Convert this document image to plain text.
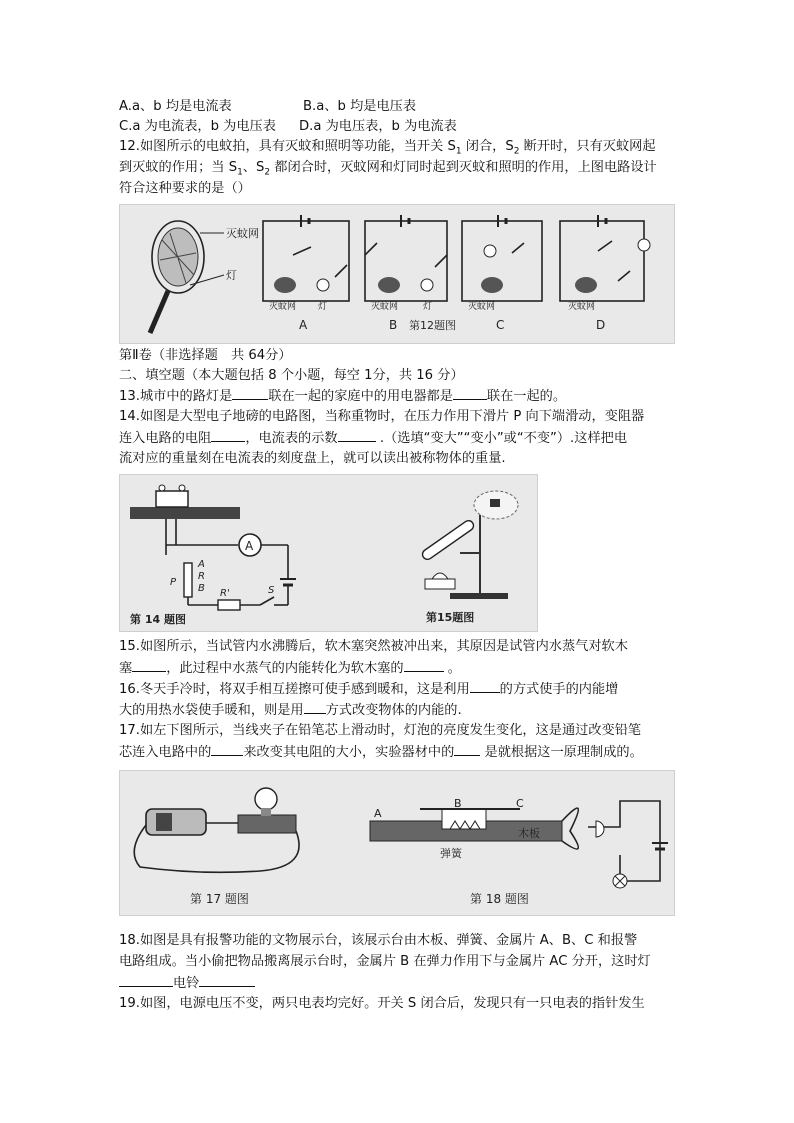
A.a、b 均是电流表	B.a、b 均是电压表
C.a 为电流表，b 为电压表 D.a 为电压表，b 为电流表
12.如图所示的电蚊拍，具有灭蚊和照明等功能，当开关 $S_1$ 闭合，$S_2$ 断开时，只有灭蚊网起
到灭蚊的作用；当 $S_1$、$S_2$ 都闭合时，灭蚊网和灯同时起到灭蚊和照明的作用，上图电路设计
符合这种要求的是（）
灭蚊网
灯
灭蚊网 灯
A
灭蚊网	灯
B 第12题图
灭蚊网
C
灭蚊网
D
第Ⅱ卷（非选择题　共 64分）
二、填空题（本大题包括 8 个小题，每空 1分，共 16 分）
13.城市中的路灯是	联在一起的家庭中的用电器都是	联在一起的。
14.如图是大型电子地磅的电路图，当称重物时，在压力作用下滑片 P 向下端滑动，变阻器
连入电路的电阻	，电流表的示数	.（选填“变大”“变小”或“不变”）.这样把电
流对应的重量刻在电流表的刻度盘上，就可以读出被称物体的重量.
A
A
R
B
P
R'	S
第 14 题图	第15题图
15.如图所示，当试管内水沸腾后，软木塞突然被冲出来，其原因是试管内水蒸气对软木
塞	，此过程中水蒸气的内能转化为软木塞的	。
16.冬天手冷时，将双手相互搓擦可使手感到暖和，这是利用 的方式使手的内能增
大的用热水袋使手暖和，则是用 方式改变物体的内能的.
17.如左下图所示，当线夹子在铅笔芯上滑动时，灯泡的亮度发生变化，这是通过改变铅笔
芯连入电路中的 来改变其电阻的大小，实验器材中的 是就根据这一原理制成的。
第 17 题图
A
B	C
木板
弹簧
第 18 题图
18.如图是具有报警功能的文物展示台，该展示台由木板、弹簧、金属片 A、B、C 和报警
电路组成。当小偷把物品搬离展示台时，金属片 B 在弹力作用下与金属片 AC 分开，这时灯
电铃
19.如图，电源电压不变，两只电表均完好。开关 S 闭合后，发现只有一只电表的指针发生
